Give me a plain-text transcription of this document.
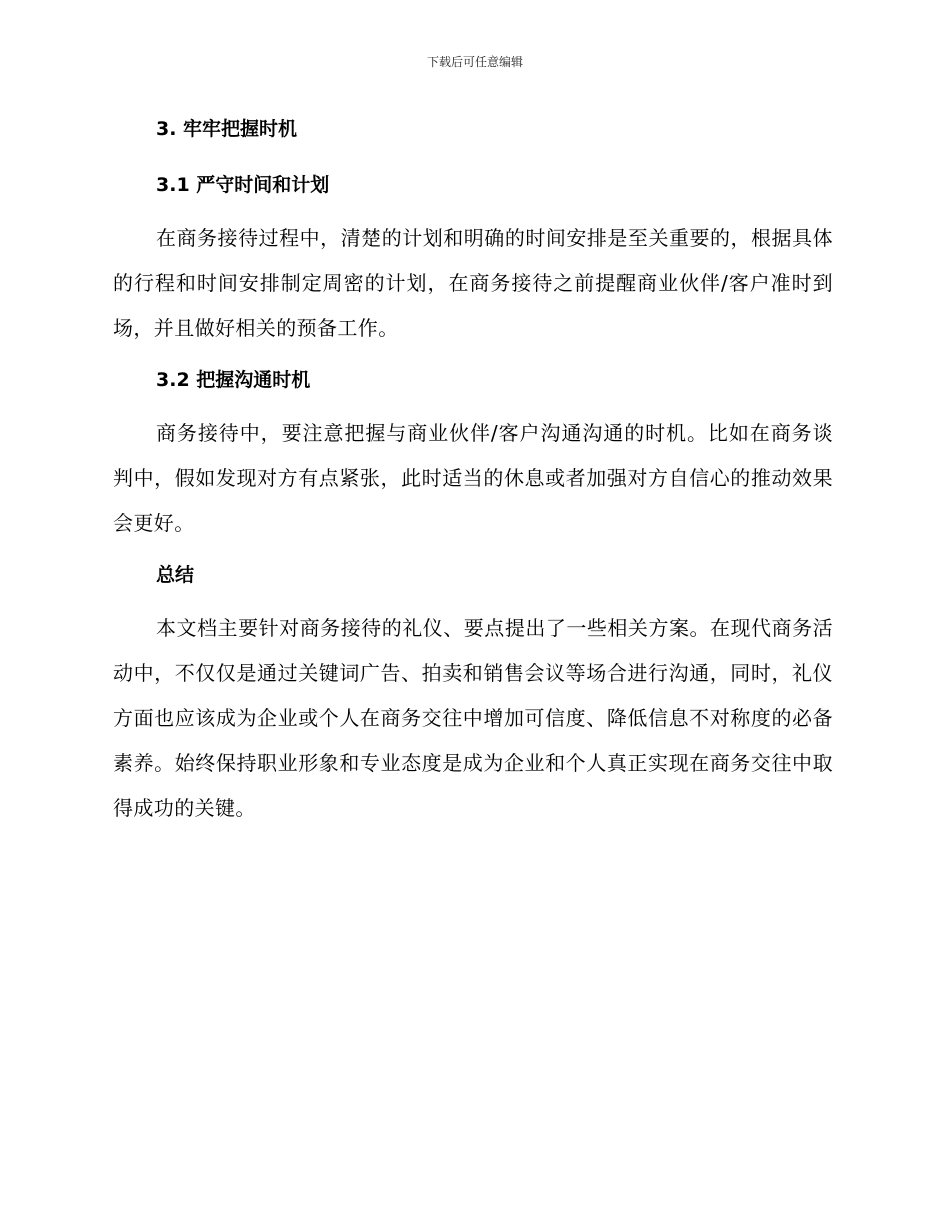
下载后可任意编辑
3. 牢牢把握时机
3.1 严守时间和计划

在商务接待过程中，清楚的计划和明确的时间安排是至关重要的，根据具体的行程和时间安排制定周密的计划，在商务接待之前提醒商业伙伴/客户准时到场，并且做好相关的预备工作。

3.2 把握沟通时机

商务接待中，要注意把握与商业伙伴/客户沟通沟通的时机。比如在商务谈判中，假如发现对方有点紧张，此时适当的休息或者加强对方自信心的推动效果会更好。

总结

本文档主要针对商务接待的礼仪、要点提出了一些相关方案。在现代商务活动中，不仅仅是通过关键词广告、拍卖和销售会议等场合进行沟通，同时，礼仪方面也应该成为企业或个人在商务交往中增加可信度、降低信息不对称度的必备素养。始终保持职业形象和专业态度是成为企业和个人真正实现在商务交往中取得成功的关键。
